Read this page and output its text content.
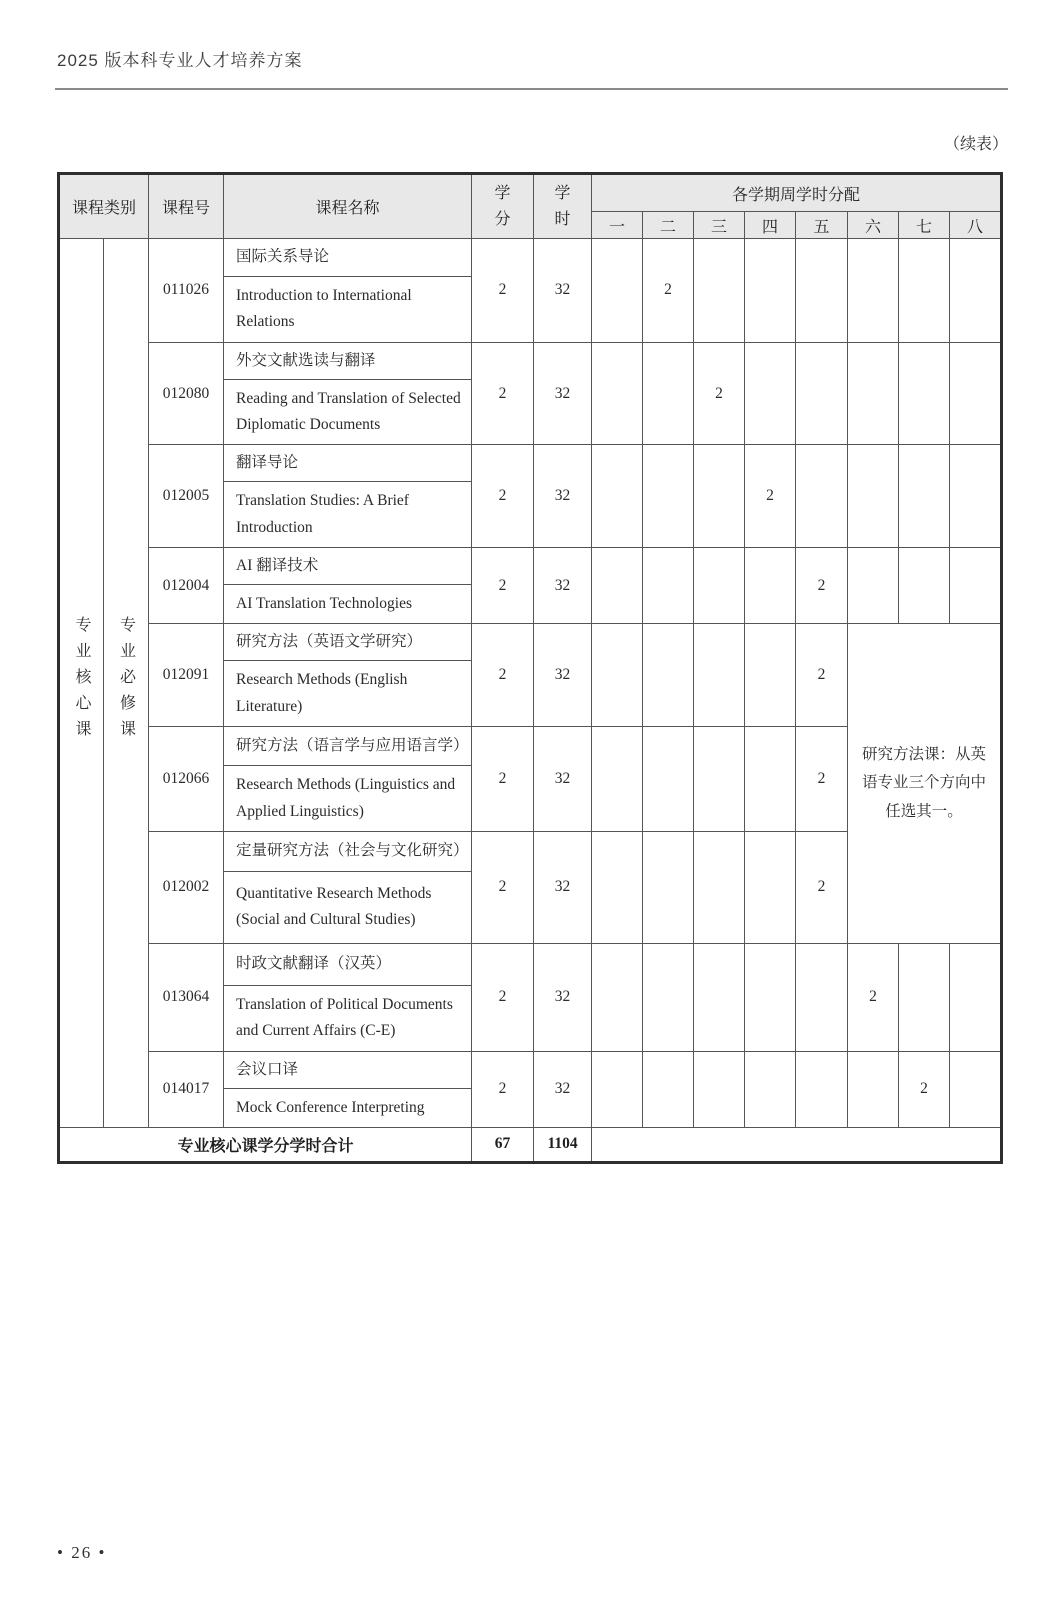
2025 版本科专业人才培养方案
（续表）
课程类别		课程号	课程名称	学分	学时	各学期周学时分配							
						一	二	三	四	五	六	七	八
专业核心课	专业必修课	011026	国际关系导论	2	32		2						
			Introduction to International Relations										
		012080	外交文献选读与翻译	2	32			2					
			Reading and Translation of Selected Diplomatic Documents										
		012005	翻译导论	2	32				2				
			Translation Studies: A Brief Introduction										
		012004	AI 翻译技术	2	32					2			
			AI Translation Technologies										
		012091	研究方法（英语文学研究）	2	32					2	研究方法课：从英语专业三个方向中任选其一。		
			Research Methods (English Literature)										
		012066	研究方法（语言学与应用语言学）	2	32					2			
			Research Methods (Linguistics and Applied Linguistics)										
		012002	定量研究方法（社会与文化研究）	2	32					2			
			Quantitative Research Methods (Social and Cultural Studies)										
		013064	时政文献翻译（汉英）	2	32						2		
			Translation of Political Documents and Current Affairs (C-E)										
		014017	会议口译	2	32							2	
			Mock Conference Interpreting										
专业核心课学分学时合计				67	1104								
• 26 •
